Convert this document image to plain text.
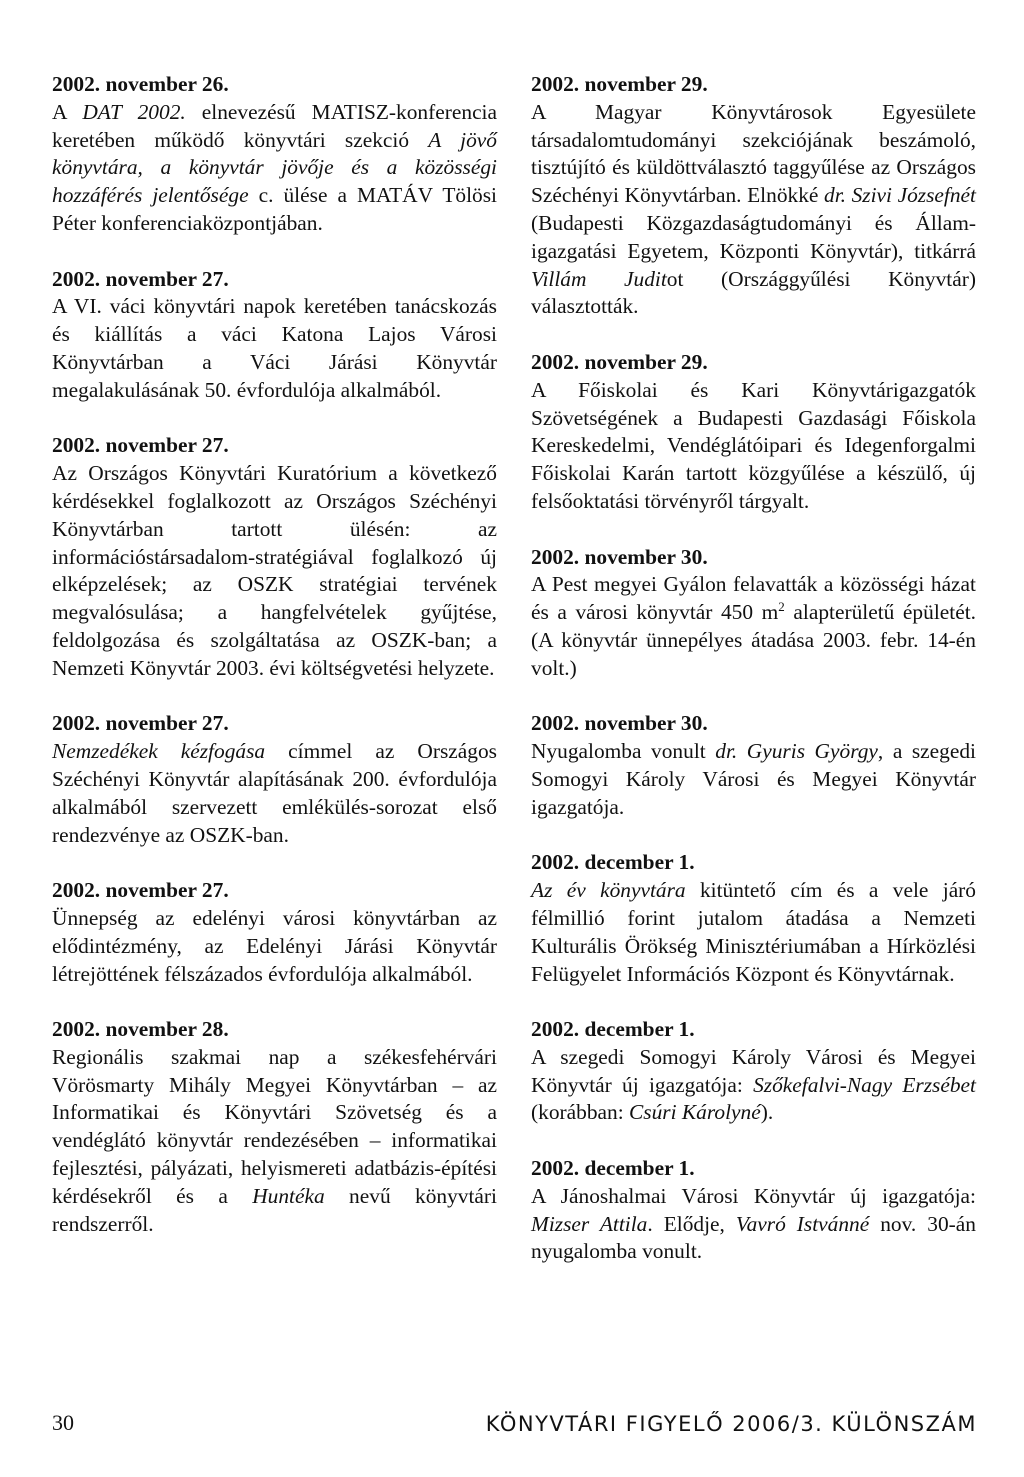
2002. november 26.
A DAT 2002. elnevezésű MATISZ-konferencia keretében működő könyvtári szekció A jövő könyvtára, a könyvtár jövője és a közösségi hozzáférés jelentősége c. ülése a MATÁV Tölösi Péter konferenciaközpontjában.
2002. november 27.
A VI. váci könyvtári napok keretében tanácskozás és kiállítás a váci Katona Lajos Városi Könyvtárban a Váci Járási Könyvtár megalakulásának 50. évfordulója alkalmából.
2002. november 27.
Az Országos Könyvtári Kuratórium a következő kérdésekkel foglalkozott az Országos Széchényi Könyvtárban tartott ülésén: az információstársadalom-stratégiával foglalkozó új elképzelések; az OSZK stratégiai tervének megvalósulása; a hangfelvételek gyűjtése, feldolgozása és szolgáltatása az OSZK-ban; a Nemzeti Könyvtár 2003. évi költségvetési helyzete.
2002. november 27.
Nemzedékek kézfogása címmel az Országos Széchényi Könyvtár alapításának 200. évfordulója alkalmából szervezett emlékülés-sorozat első rendezvénye az OSZK-ban.
2002. november 27.
Ünnepség az edelényi városi könyvtárban az elődintézmény, az Edelényi Járási Könyvtár létrejöttének félszázados évfordulója alkalmából.
2002. november 28.
Regionális szakmai nap a székesfehérvári Vörösmarty Mihály Megyei Könyvtárban – az Informatikai és Könyvtári Szövetség és a vendéglátó könyvtár rendezésében – informatikai fejlesztési, pályázati, helyismereti adatbázis-építési kérdésekről és a Huntéka nevű könyvtári rendszerről.
2002. november 29.
A Magyar Könyvtárosok Egyesülete társadalomtudományi szekciójának beszámoló, tisztújító és küldöttválasztó taggyűlése az Országos Széchényi Könyvtárban. Elnökké dr. Szivi Józsefnét (Budapesti Közgazdaságtudományi és Állam-igazgatási Egyetem, Központi Könyvtár), titkárrá Villám Juditot (Országgyűlési Könyvtár) választották.
2002. november 29.
A Főiskolai és Kari Könyvtárigazgatók Szövetségének a Budapesti Gazdasági Főiskola Kereskedelmi, Vendéglátóipari és Idegenforgalmi Főiskolai Karán tartott közgyűlése a készülő, új felsőoktatási törvényről tárgyalt.
2002. november 30.
A Pest megyei Gyálon felavatták a közösségi házat és a városi könyvtár 450 $m^2$ alapterületű épületét. (A könyvtár ünnepélyes átadása 2003. febr. 14-én volt.)
2002. november 30.
Nyugalomba vonult dr. Gyuris György, a szegedi Somogyi Károly Városi és Megyei Könyvtár igazgatója.
2002. december 1.
Az év könyvtára kitüntető cím és a vele járó félmillió forint jutalom átadása a Nemzeti Kulturális Örökség Minisztériumában a Hírközlési Felügyelet Információs Központ és Könyvtárnak.
2002. december 1.
A szegedi Somogyi Károly Városi és Megyei Könyvtár új igazgatója: Szőkefalvi-Nagy Erzsébet (korábban: Csúri Károlyné).
2002. december 1.
A Jánoshalmai Városi Könyvtár új igazgatója: Mizser Attila. Elődje, Vavró Istvánné nov. 30-án nyugalomba vonult.
30	KÖNYVTÁRI FIGYELŐ 2006/3. KÜLÖNSZÁM
